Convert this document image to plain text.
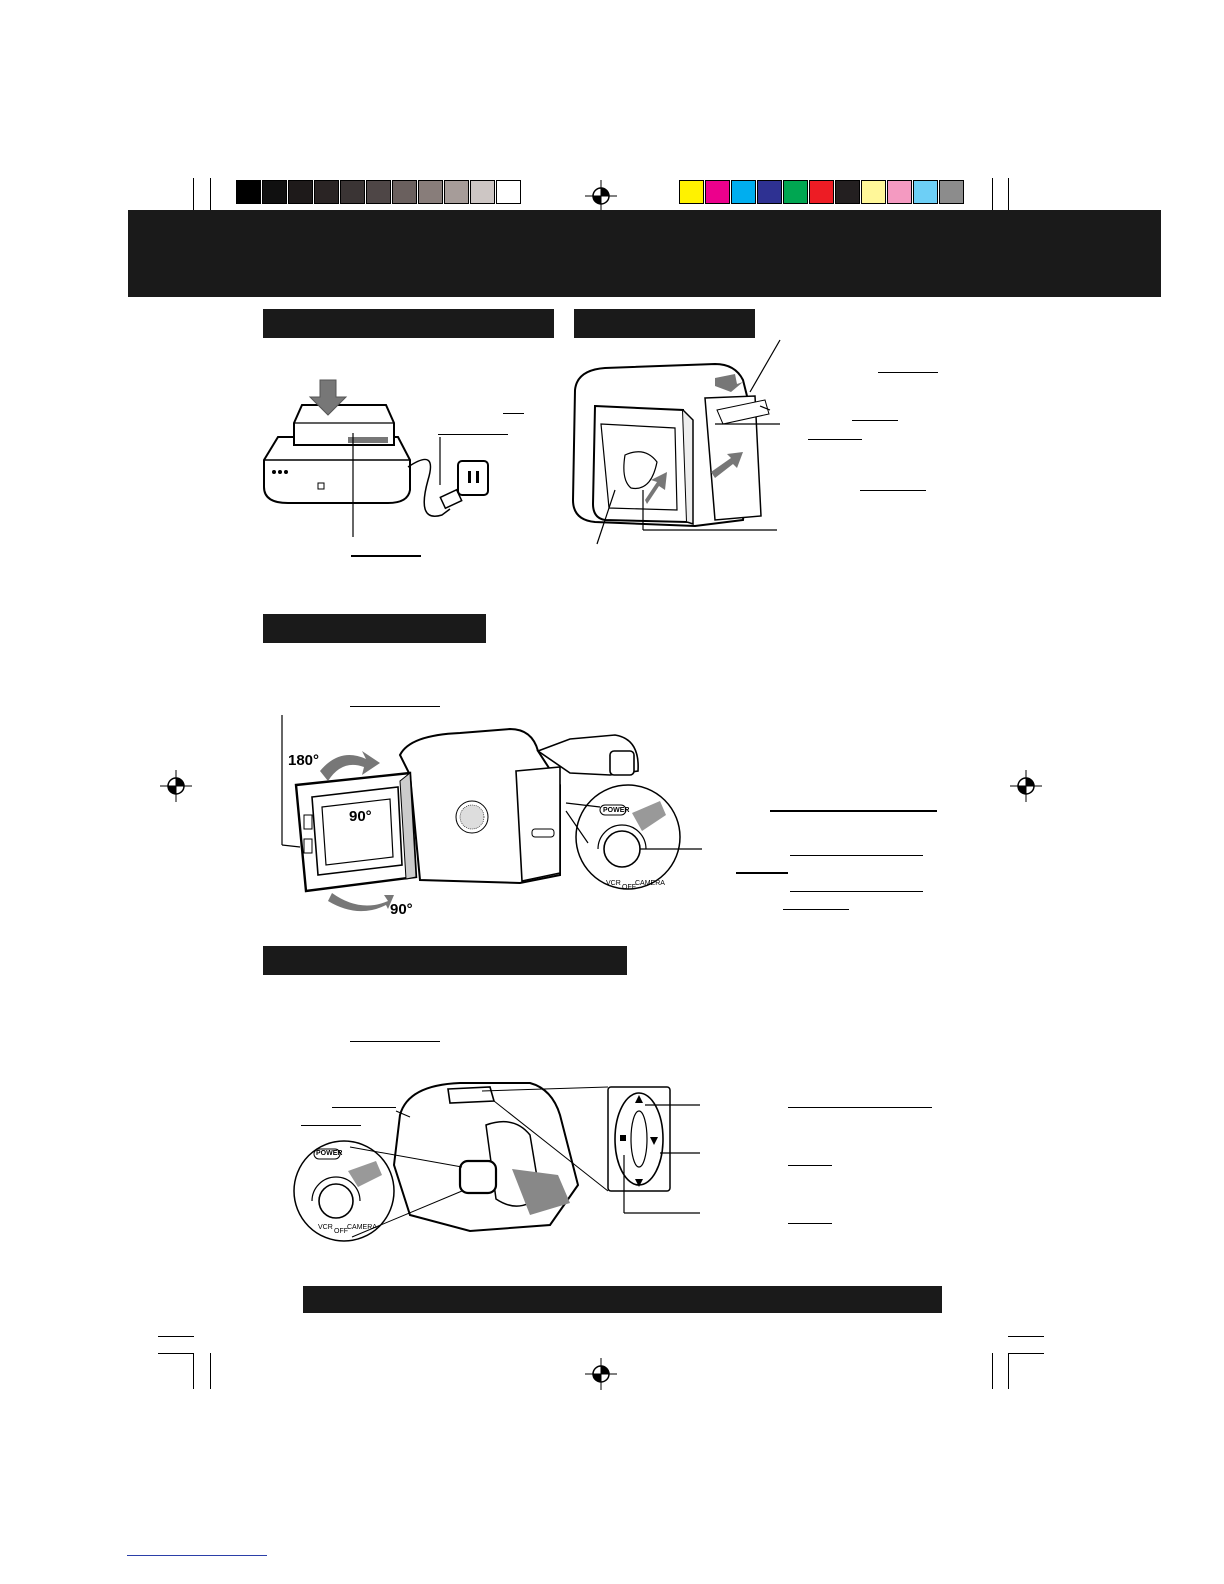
180°
90°
90°
POWER
VCR
OFF
CAMERA
POWER
VCR
OFF
CAMERA
